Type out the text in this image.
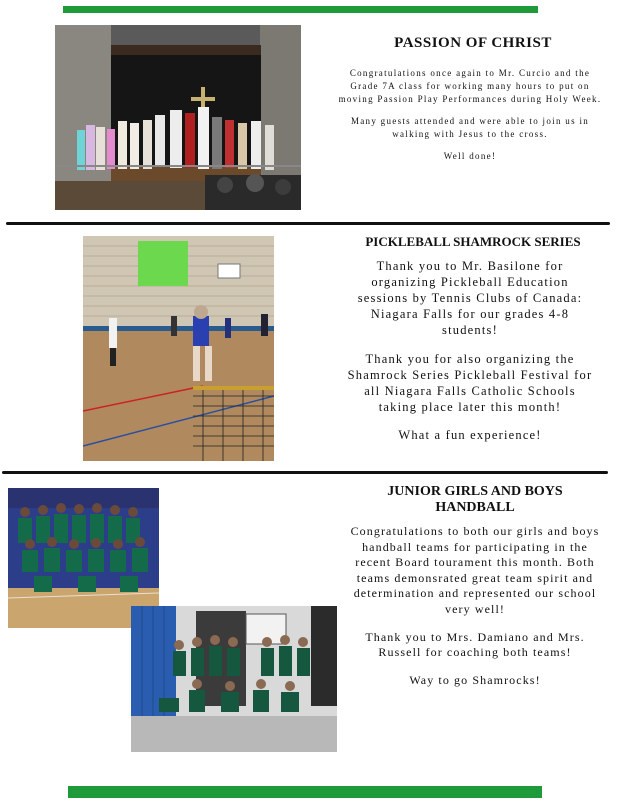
PASSION OF CHRIST

Congratulations once again to Mr. Curcio and the Grade 7A class for working many hours to put on moving Passion Play Performances during Holy Week.

Many guests attended and were able to join us in walking with Jesus to the cross.

Well done!

PICKLEBALL SHAMROCK SERIES

Thank you to Mr. Basilone for organizing Pickleball Education sessions by Tennis Clubs of Canada: Niagara Falls for our grades 4-8 students!

Thank you for also organizing the Shamrock Series Pickleball Festival for all Niagara Falls Catholic Schools taking place later this month!

What a fun experience!

JUNIOR GIRLS AND BOYS HANDBALL

Congratulations to both our girls and boys handball teams for participating in the recent Board tourament this month. Both teams demonsrated great team spirit and determination and represented our school very well!

Thank you to Mrs. Damiano and Mrs. Russell for coaching both teams!

Way to go Shamrocks!
